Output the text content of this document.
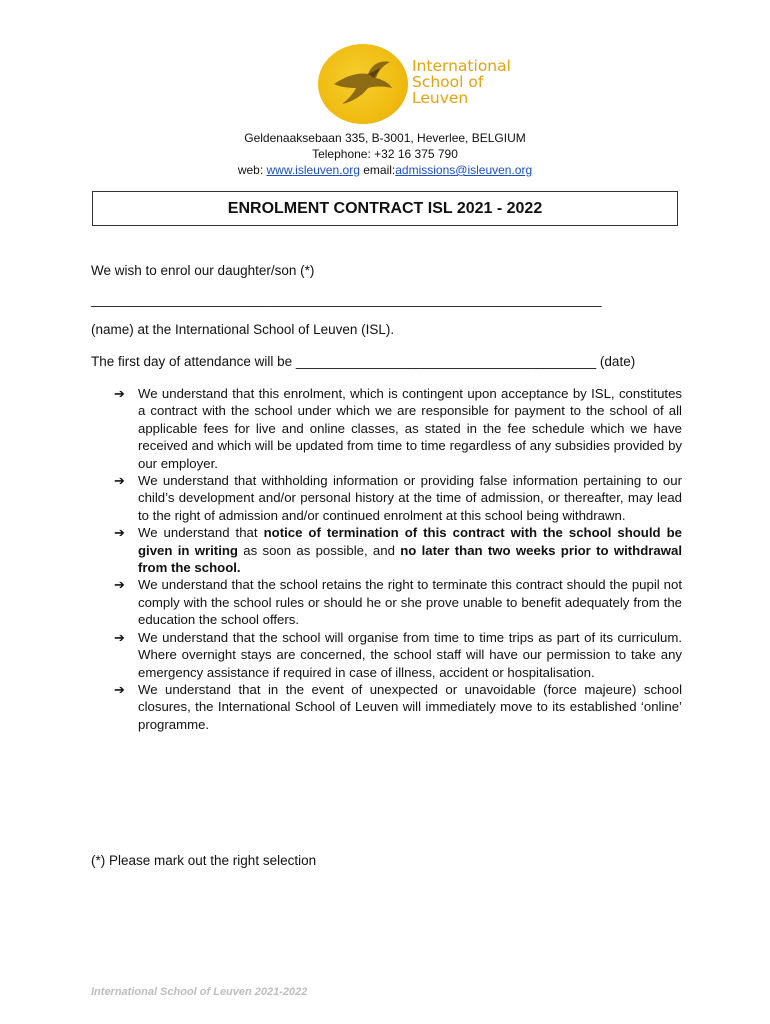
International
School of
Leuven
Geldenaaksebaan 335, B-3001, Heverlee, BELGIUM
Telephone: +32 16 375 790
web: www.isleuven.org email:admissions@isleuven.org
ENROLMENT CONTRACT ISL 2021 - 2022
We wish to enrol our daughter/son (*)
____________________________________________________________________
(name) at the International School of Leuven (ISL).
The first day of attendance will be ________________________________________ (date)
➔ We understand that this enrolment, which is contingent upon acceptance by ISL, constitutes a contract with the school under which we are responsible for payment to the school of all applicable fees for live and online classes, as stated in the fee schedule which we have received and which will be updated from time to time regardless of any subsidies provided by our employer.
➔ We understand that withholding information or providing false information pertaining to our child’s development and/or personal history at the time of admission, or thereafter, may lead to the right of admission and/or continued enrolment at this school being withdrawn.
➔ We understand that notice of termination of this contract with the school should be given in writing as soon as possible, and no later than two weeks prior to withdrawal from the school.
➔ We understand that the school retains the right to terminate this contract should the pupil not comply with the school rules or should he or she prove unable to benefit adequately from the education the school offers.
➔ We understand that the school will organise from time to time trips as part of its curriculum. Where overnight stays are concerned, the school staff will have our permission to take any emergency assistance if required in case of illness, accident or hospitalisation.
➔ We understand that in the event of unexpected or unavoidable (force majeure) school closures, the International School of Leuven will immediately move to its established ‘online’ programme.
(*) Please mark out the right selection
International School of Leuven 2021-2022
